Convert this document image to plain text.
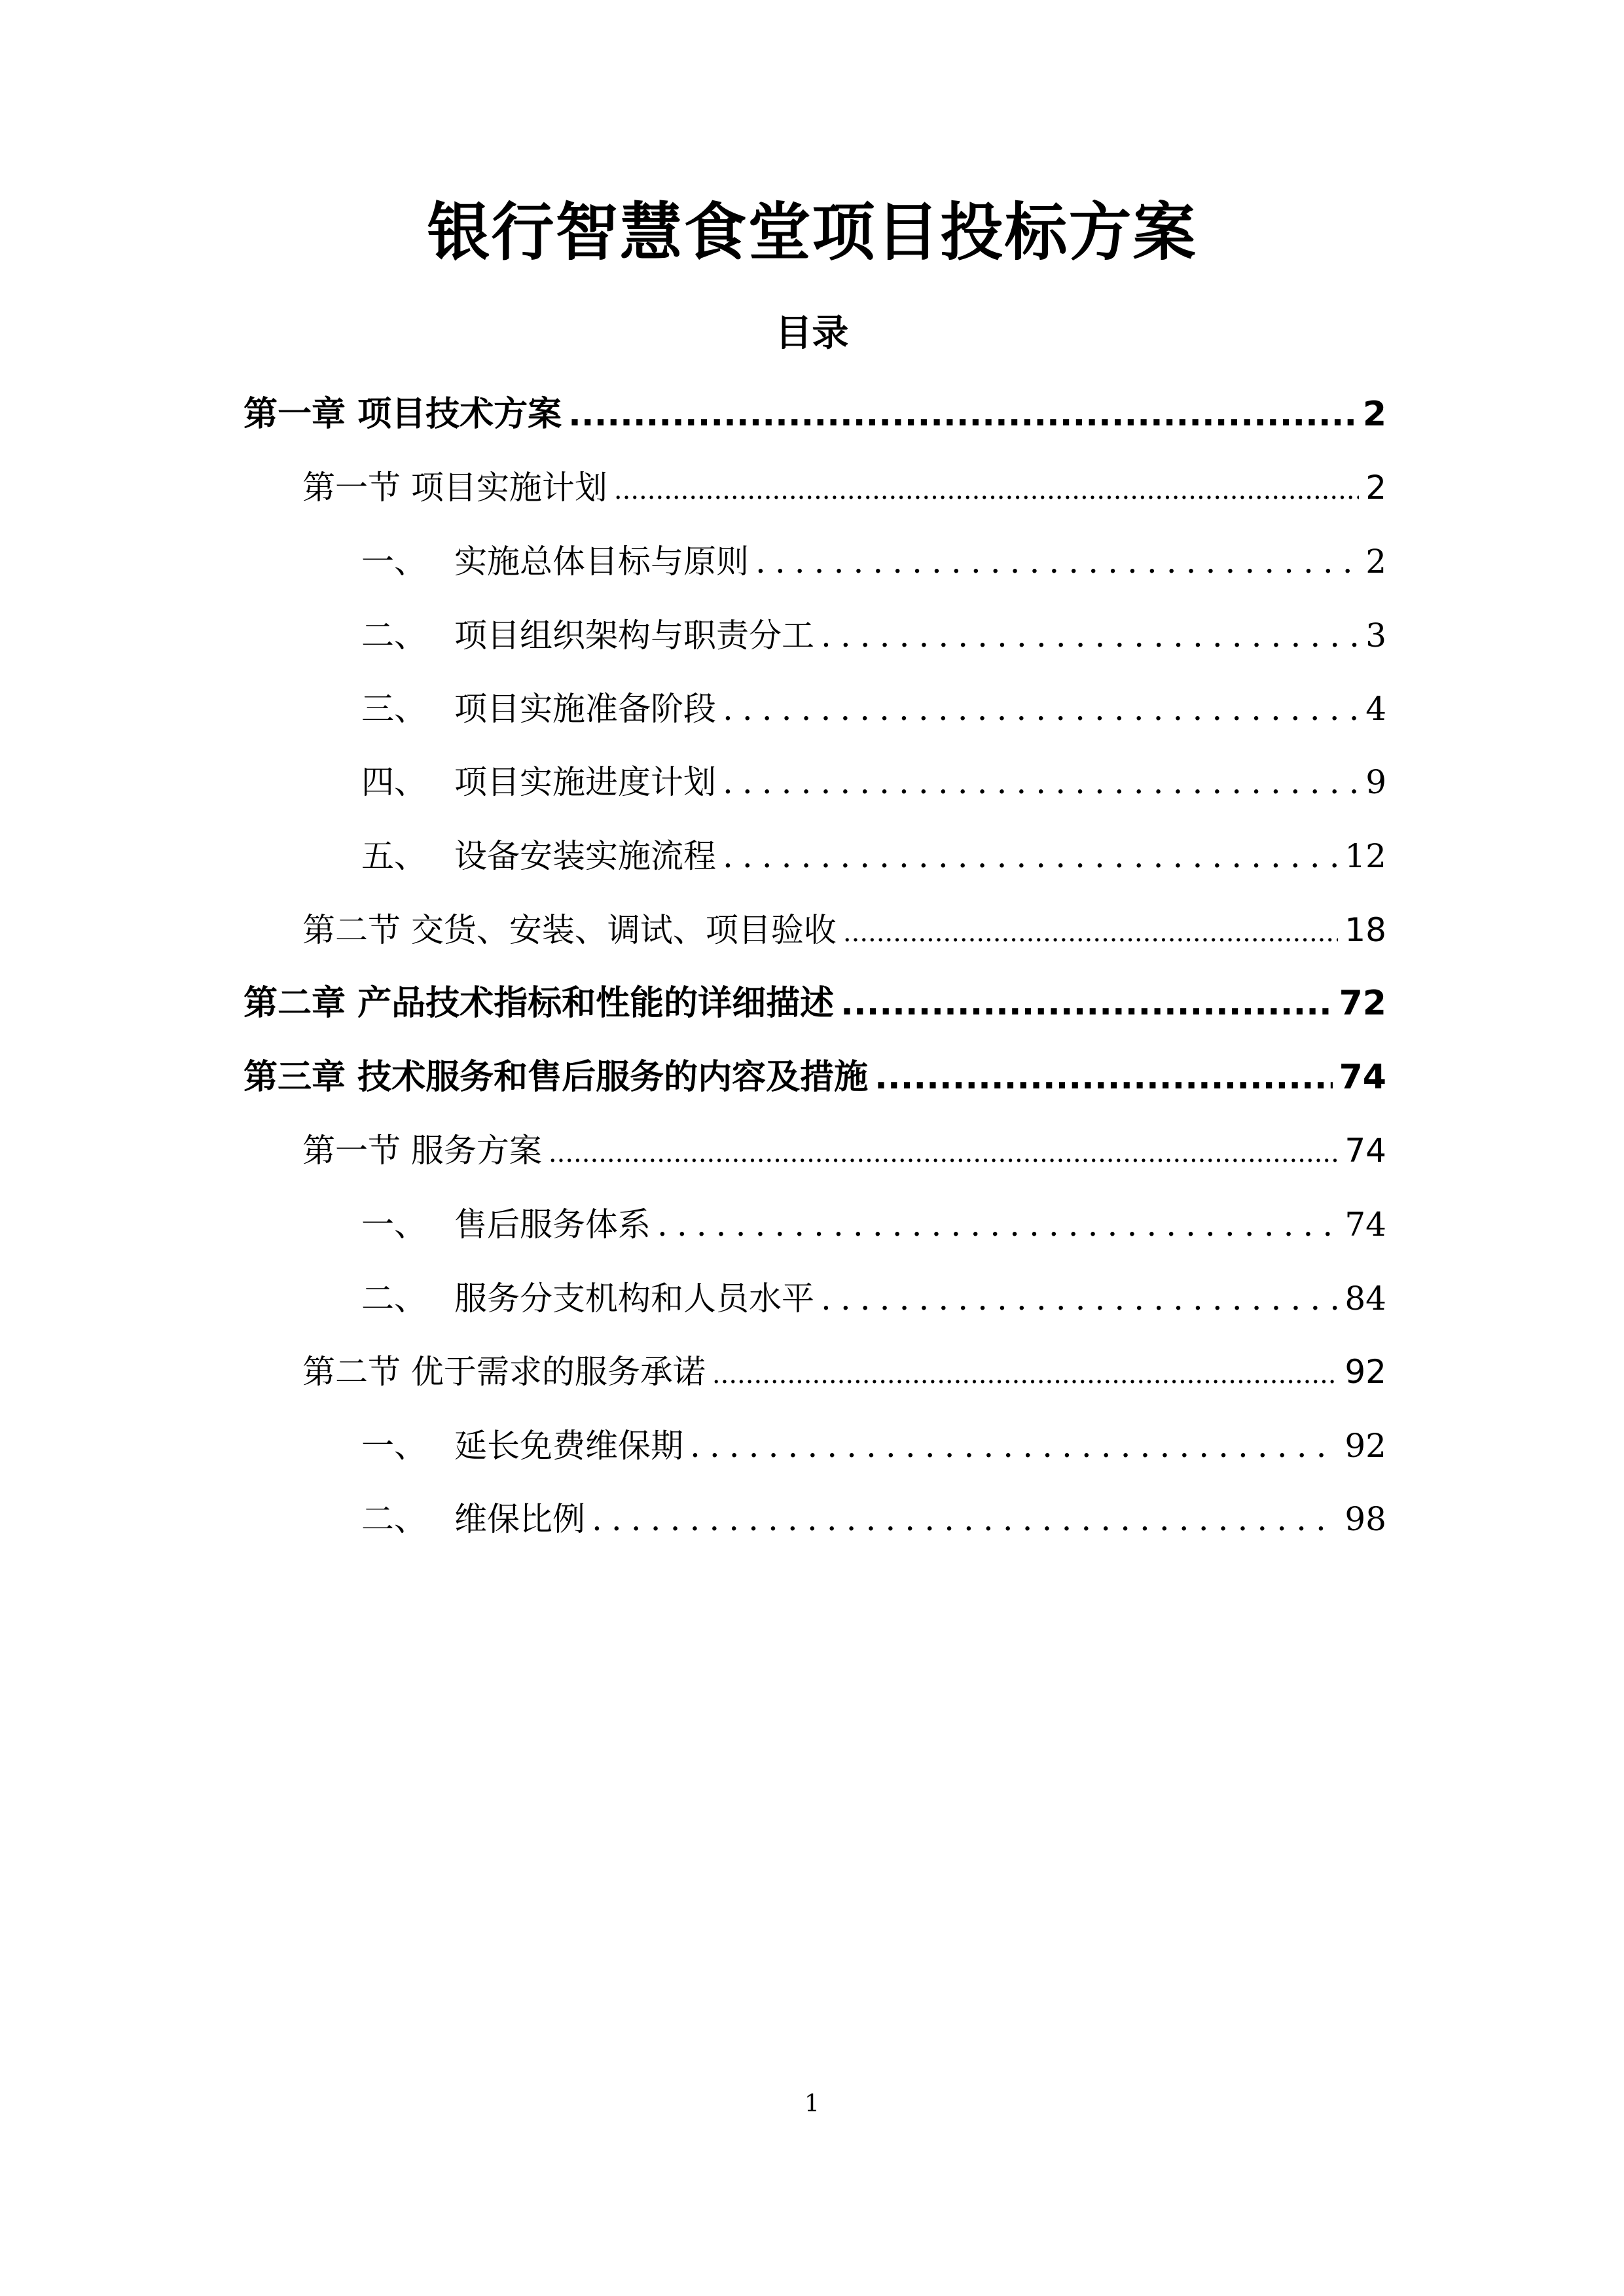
银行智慧食堂项目投标方案
目录
第一章 项目技术方案 .....	2
第一节 项目实施计划 .....	2
一、 实施总体目标与原则 .....	2
二、 项目组织架构与职责分工 .....	3
三、 项目实施准备阶段 .....	4
四、 项目实施进度计划 .....	9
五、 设备安装实施流程 .....	12
第二节 交货、安装、调试、项目验收 .....	18
第二章 产品技术指标和性能的详细描述 .....	72
第三章 技术服务和售后服务的内容及措施 .....	74
第一节 服务方案 .....	74
一、 售后服务体系 .....	74
二、 服务分支机构和人员水平 .....	84
第二节 优于需求的服务承诺 .....	92
一、 延长免费维保期 .....	92
二、 维保比例 .....	98
1
